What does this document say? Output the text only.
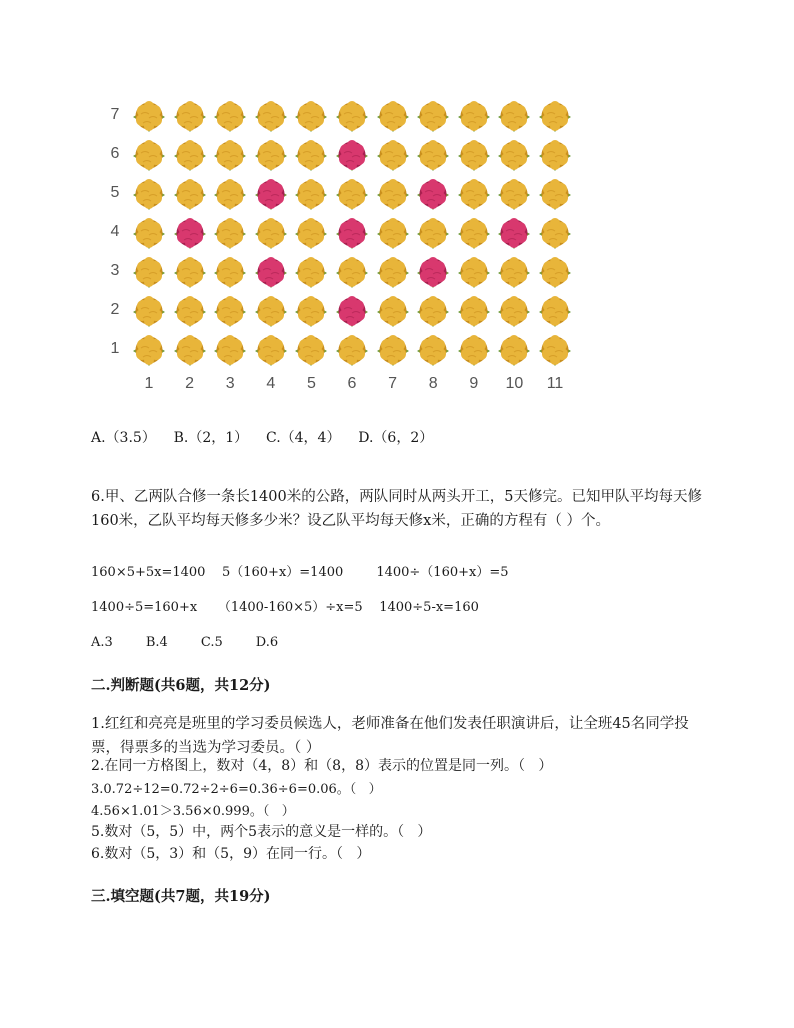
7
6
5
4
3
2
1
1	2	3	4	5	6	7	8	9	10	11
A.（3.5）    B.（2，1）    C.（4，4）    D.（6，2）
6.甲、乙两队合修一条长1400米的公路，两队同时从两头开工，5天修完。已知甲队平均每天修160米，乙队平均每天修多少米？设乙队平均每天修x米，正确的方程有（ ）个。
160×5+5x=1400    5（160+x）=1400        1400÷（160+x）=5
1400÷5=160+x     （1400-160×5）÷x=5    1400÷5-x=160
A.3        B.4        C.5        D.6
二.判断题(共6题，共12分)
1.红红和亮亮是班里的学习委员候选人，老师准备在他们发表任职演讲后，让全班45名同学投票，得票多的当选为学习委员。（ ）
2.在同一方格图上，数对（4，8）和（8，8）表示的位置是同一列。（   ）
3.0.72÷12=0.72÷2÷6=0.36÷6=0.06。（   ）
4.56×1.01＞3.56×0.999。（   ）
5.数对（5，5）中，两个5表示的意义是一样的。（   ）
6.数对（5，3）和（5，9）在同一行。（   ）
三.填空题(共7题，共19分)
